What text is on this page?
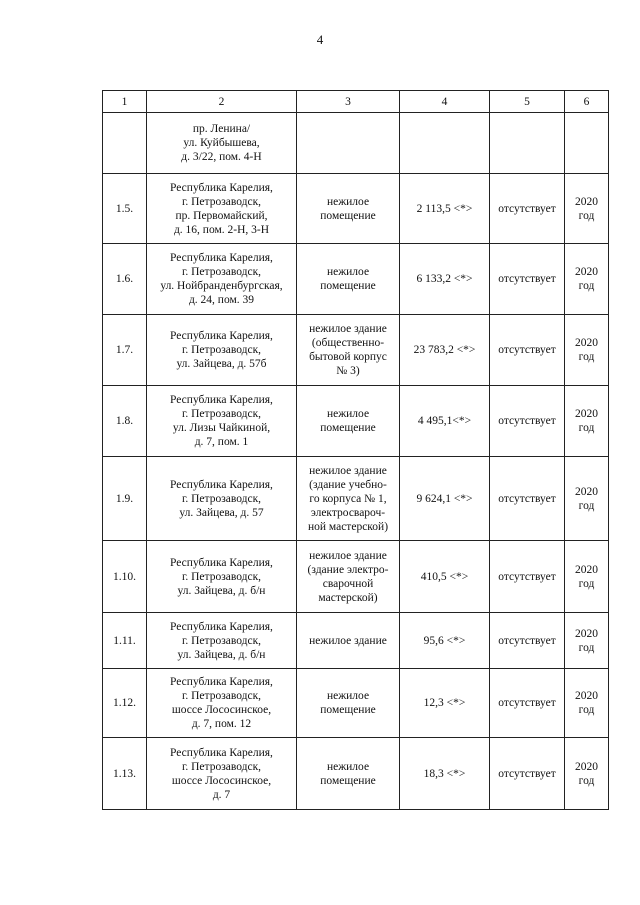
4
1	2	3	4	5	6
	пр. Ленина/
ул. Куйбышева,
д. 3/22, пом. 4-Н				
1.5.	Республика Карелия,
г. Петрозаводск,
пр. Первомайский,
д. 16, пом. 2-Н, 3-Н	нежилое
помещение	2 113,5 <*>	отсутствует	2020
год
1.6.	Республика Карелия,
г. Петрозаводск,
ул. Нойбранденбургская,
д. 24, пом. 39	нежилое
помещение	6 133,2 <*>	отсутствует	2020
год
1.7.	Республика Карелия,
г. Петрозаводск,
ул. Зайцева, д. 57б	нежилое здание
(общественно-
бытовой корпус
№ 3)	23 783,2 <*>	отсутствует	2020
год
1.8.	Республика Карелия,
г. Петрозаводск,
ул. Лизы Чайкиной,
д. 7, пом. 1	нежилое
помещение	4 495,1<*>	отсутствует	2020
год
1.9.	Республика Карелия,
г. Петрозаводск,
ул. Зайцева, д. 57	нежилое здание
(здание учебно-
го корпуса № 1,
электросвароч-
ной мастерской)	9 624,1 <*>	отсутствует	2020
год
1.10.	Республика Карелия,
г. Петрозаводск,
ул. Зайцева, д. б/н	нежилое здание
(здание электро-
сварочной
мастерской)	410,5 <*>	отсутствует	2020
год
1.11.	Республика Карелия,
г. Петрозаводск,
ул. Зайцева, д. б/н	нежилое здание	95,6 <*>	отсутствует	2020
год
1.12.	Республика Карелия,
г. Петрозаводск,
шоссе Лососинское,
д. 7, пом. 12	нежилое
помещение	12,3 <*>	отсутствует	2020
год
1.13.	Республика Карелия,
г. Петрозаводск,
шоссе Лососинское,
д. 7	нежилое
помещение	18,3 <*>	отсутствует	2020
год
